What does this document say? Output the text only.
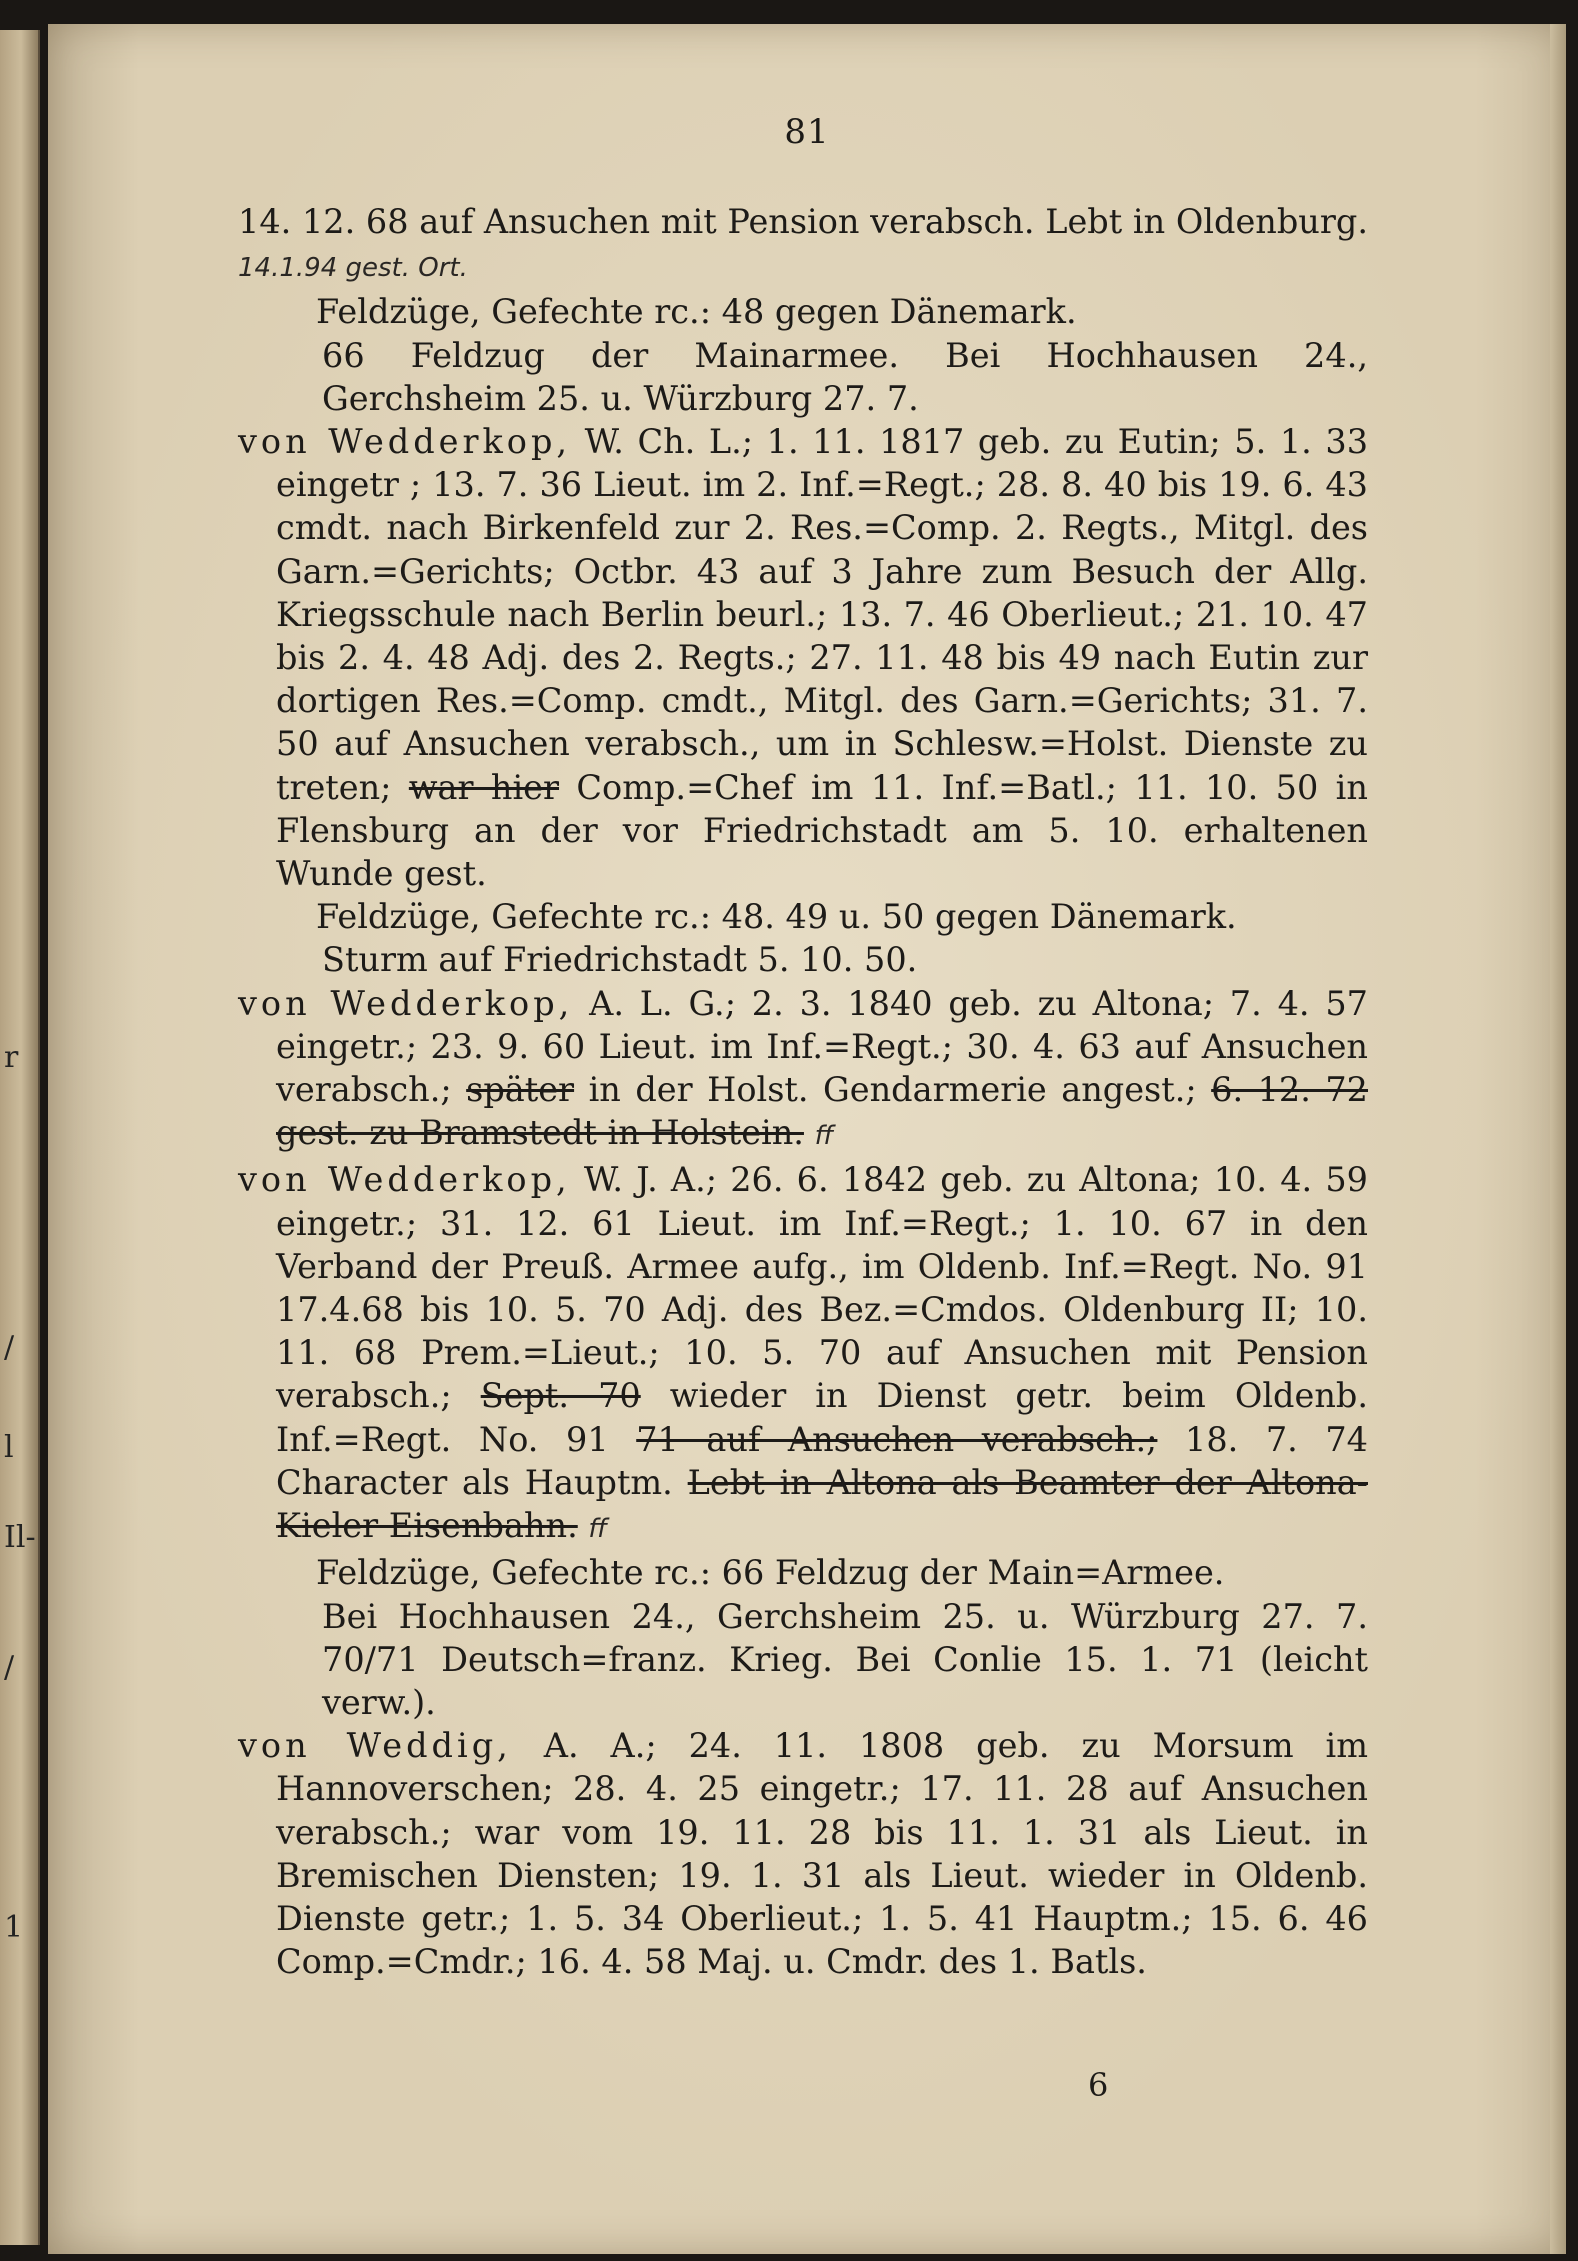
r
/
l
Il-
/
1
81

14. 12. 68 auf Ansuchen mit Pension verabsch. Lebt in Oldenburg. 14.1.94 gest. Ort.

Feldzüge, Gefechte rc.: 48 gegen Dänemark.

66 Feldzug der Mainarmee. Bei Hochhausen 24., Gerchsheim 25. u. Würzburg 27. 7.

von Wedderkop, W. Ch. L.; 1. 11. 1817 geb. zu Eutin; 5. 1. 33 eingetr ; 13. 7. 36 Lieut. im 2. Inf.=Regt.; 28. 8. 40 bis 19. 6. 43 cmdt. nach Birkenfeld zur 2. Res.=Comp. 2. Regts., Mitgl. des Garn.=Gerichts; Octbr. 43 auf 3 Jahre zum Besuch der Allg. Kriegsschule nach Berlin beurl.; 13. 7. 46 Oberlieut.; 21. 10. 47 bis 2. 4. 48 Adj. des 2. Regts.; 27. 11. 48 bis 49 nach Eutin zur dortigen Res.=Comp. cmdt., Mitgl. des Garn.=Gerichts; 31. 7. 50 auf Ansuchen verabsch., um in Schlesw.=Holst. Dienste zu treten; war hier Comp.=Chef im 11. Inf.=Batl.; 11. 10. 50 in Flensburg an der vor Friedrichstadt am 5. 10. erhaltenen Wunde gest.

Feldzüge, Gefechte rc.: 48. 49 u. 50 gegen Dänemark.

Sturm auf Friedrichstadt 5. 10. 50.

von Wedderkop, A. L. G.; 2. 3. 1840 geb. zu Altona; 7. 4. 57 eingetr.; 23. 9. 60 Lieut. im Inf.=Regt.; 30. 4. 63 auf Ansuchen verabsch.; später in der Holst. Gendarmerie angest.; 6. 12. 72 gest. zu Bramstedt in Holstein. ff

von Wedderkop, W. J. A.; 26. 6. 1842 geb. zu Altona; 10. 4. 59 eingetr.; 31. 12. 61 Lieut. im Inf.=Regt.; 1. 10. 67 in den Verband der Preuß. Armee aufg., im Oldenb. Inf.=Regt. No. 91 17.4.68 bis 10. 5. 70 Adj. des Bez.=Cmdos. Oldenburg II; 10. 11. 68 Prem.=Lieut.; 10. 5. 70 auf Ansuchen mit Pension verabsch.; Sept. 70 wieder in Dienst getr. beim Oldenb. Inf.=Regt. No. 91 71 auf Ansuchen verabsch.; 18. 7. 74 Character als Hauptm. Lebt in Altona als Beamter der Altona-Kieler Eisenbahn. ff

Feldzüge, Gefechte rc.: 66 Feldzug der Main=Armee.

Bei Hochhausen 24., Gerchsheim 25. u. Würzburg 27. 7. 70/71 Deutsch=franz. Krieg. Bei Conlie 15. 1. 71 (leicht verw.).

von Weddig, A. A.; 24. 11. 1808 geb. zu Morsum im Hannoverschen; 28. 4. 25 eingetr.; 17. 11. 28 auf Ansuchen verabsch.; war vom 19. 11. 28 bis 11. 1. 31 als Lieut. in Bremischen Diensten; 19. 1. 31 als Lieut. wieder in Oldenb. Dienste getr.; 1. 5. 34 Oberlieut.; 1. 5. 41 Hauptm.; 15. 6. 46 Comp.=Cmdr.; 16. 4. 58 Maj. u. Cmdr. des 1. Batls.

6
